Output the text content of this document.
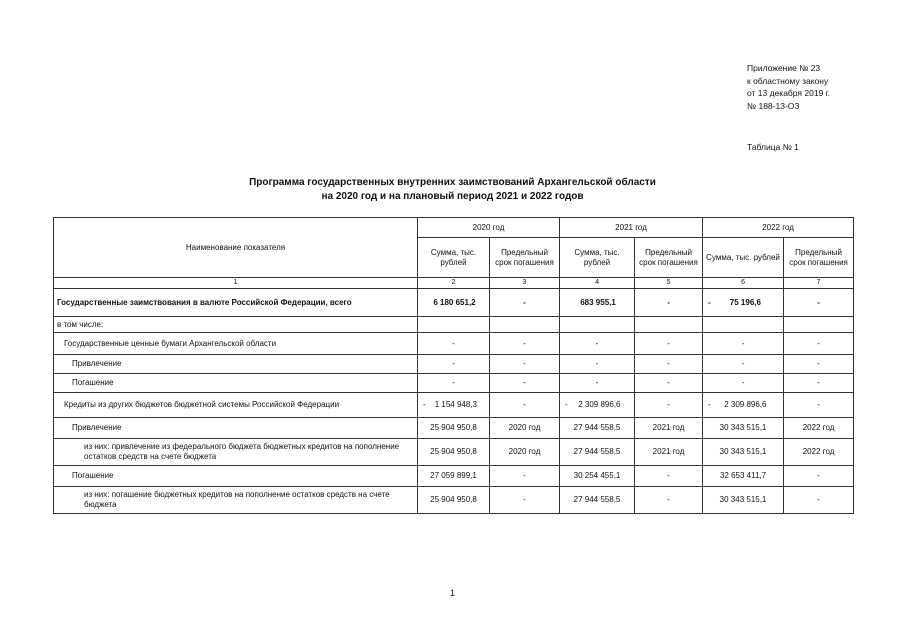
Приложение № 23
к областному закону
от 13 декабря 2019 г.
№ 188-13-ОЗ
Таблица № 1
Программа государственных внутренних заимствований Архангельской области
на 2020 год и на плановый период 2021 и 2022 годов
Наименование показателя	2020 год		2021 год		2022 год	
	Сумма, тыс. рублей	Предельный срок погашения	Сумма, тыс. рублей	Предельный срок погашения	Сумма, тыс. рублей	Предельный срок погашения
1	2	3	4	5	6	7
Государственные заимствования в валюте Российской Федерации, всего	6 180 651,2	-	683 955,1	-	- 75 196,6	-
в том числе:						
Государственные ценные бумаги Архангельской области	-	-	-	-	-	-
Привлечение	-	-	-	-	-	-
Погашение	-	-	-	-	-	-
Кредиты из других бюджетов бюджетной системы Российской Федерации	- 1 154 948,3	-	- 2 309 896,6	-	- 2 309 896,6	-
Привлечение	25 904 950,8	2020 год	27 944 558,5	2021 год	30 343 515,1	2022 год
из них: привлечение из федерального бюджета бюджетных кредитов на пополнение остатков средств на счете бюджета	25 904 950,8	2020 год	27 944 558,5	2021 год	30 343 515,1	2022 год
Погашение	27 059 899,1	-	30 254 455,1	-	32 653 411,7	-
из них: погашение бюджетных кредитов на пополнение остатков средств на счете бюджета	25 904 950,8	-	27 944 558,5	-	30 343 515,1	-
1
